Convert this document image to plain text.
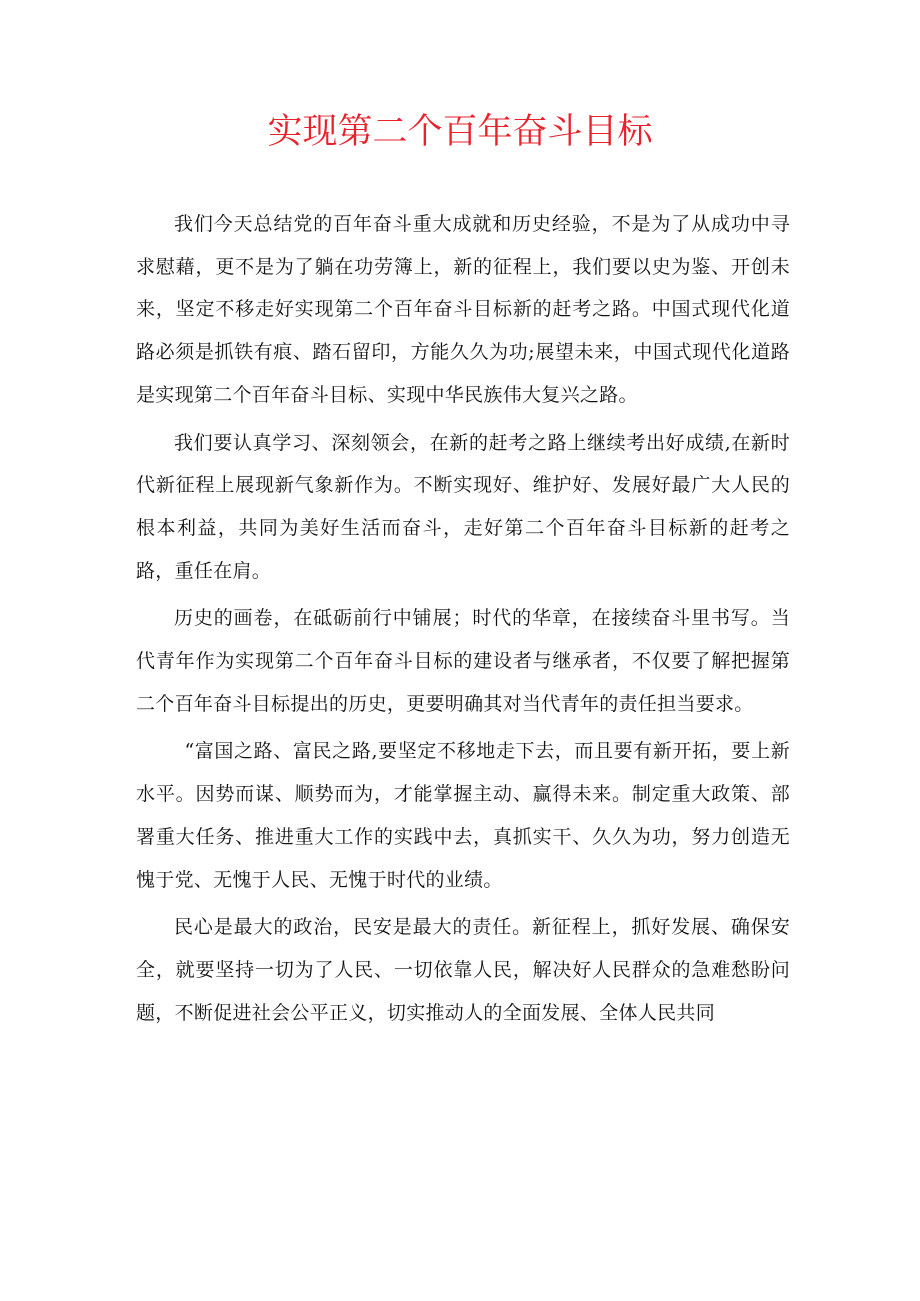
实现第二个百年奋斗目标

我们今天总结党的百年奋斗重大成就和历史经验，不是为了从成功中寻求慰藉，更不是为了躺在功劳簿上，新的征程上，我们要以史为鉴、开创未来，坚定不移走好实现第二个百年奋斗目标新的赶考之路。中国式现代化道路必须是抓铁有痕、踏石留印，方能久久为功;展望未来，中国式现代化道路是实现第二个百年奋斗目标、实现中华民族伟大复兴之路。

我们要认真学习、深刻领会，在新的赶考之路上继续考出好成绩,在新时代新征程上展现新气象新作为。不断实现好、维护好、发展好最广大人民的根本利益，共同为美好生活而奋斗，走好第二个百年奋斗目标新的赶考之路，重任在肩。

历史的画卷，在砥砺前行中铺展；时代的华章，在接续奋斗里书写。当代青年作为实现第二个百年奋斗目标的建设者与继承者，不仅要了解把握第二个百年奋斗目标提出的历史，更要明确其对当代青年的责任担当要求。

“富国之路、富民之路,要坚定不移地走下去，而且要有新开拓，要上新水平。因势而谋、顺势而为，才能掌握主动、赢得未来。制定重大政策、部署重大任务、推进重大工作的实践中去，真抓实干、久久为功，努力创造无愧于党、无愧于人民、无愧于时代的业绩。

民心是最大的政治，民安是最大的责任。新征程上，抓好发展、确保安全，就要坚持一切为了人民、一切依靠人民，解决好人民群众的急难愁盼问题，不断促进社会公平正义，切实推动人的全面发展、全体人民共同
